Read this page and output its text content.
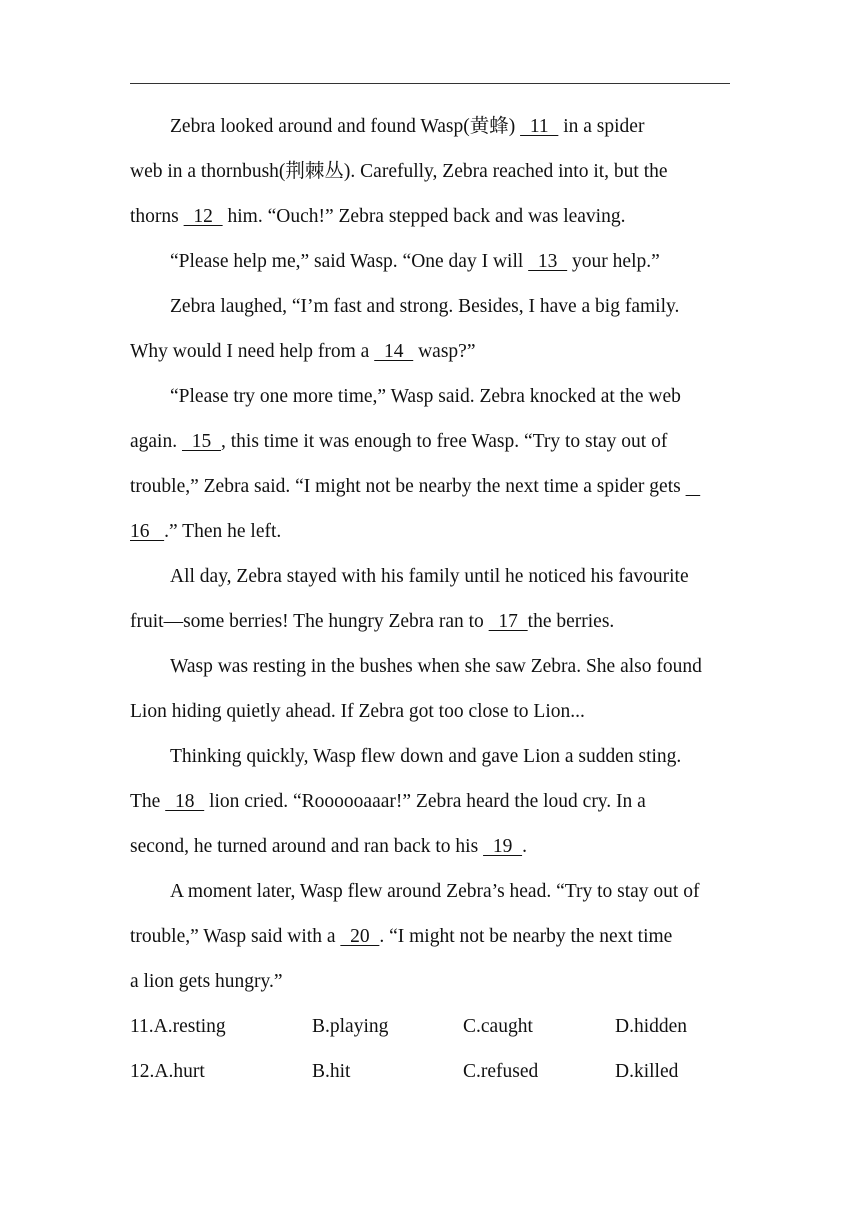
Zebra looked around and found Wasp(黄蜂)   11   in a spider
web in a thornbush(荆棘丛). Carefully, Zebra reached into it, but the
thorns   12   him. “Ouch!” Zebra stepped back and was leaving.
“Please help me,” said Wasp. “One day I will   13   your help.”
Zebra laughed, “I’m fast and strong. Besides, I have a big family.
Why would I need help from a   14   wasp?”
“Please try one more time,” Wasp said. Zebra knocked at the web
again.   15  , this time it was enough to free Wasp. “Try to stay out of
trouble,” Zebra said. “I might not be nearby the next time a spider gets
16   .” Then he left.
All day, Zebra stayed with his family until he noticed his favourite
fruit—some berries! The hungry Zebra ran to   17  the berries.
Wasp was resting in the bushes when she saw Zebra. She also found
Lion hiding quietly ahead. If Zebra got too close to Lion...
Thinking quickly, Wasp flew down and gave Lion a sudden sting.
The   18   lion cried. “Roooooaaar!” Zebra heard the loud cry. In a
second, he turned around and ran back to his   19  .
A moment later, Wasp flew around Zebra’s head. “Try to stay out of
trouble,” Wasp said with a   20  . “I might not be nearby the next time
a lion gets hungry.”
11.A.resting	B.playing	C.caught	D.hidden
12.A.hurt	B.hit	C.refused	D.killed
